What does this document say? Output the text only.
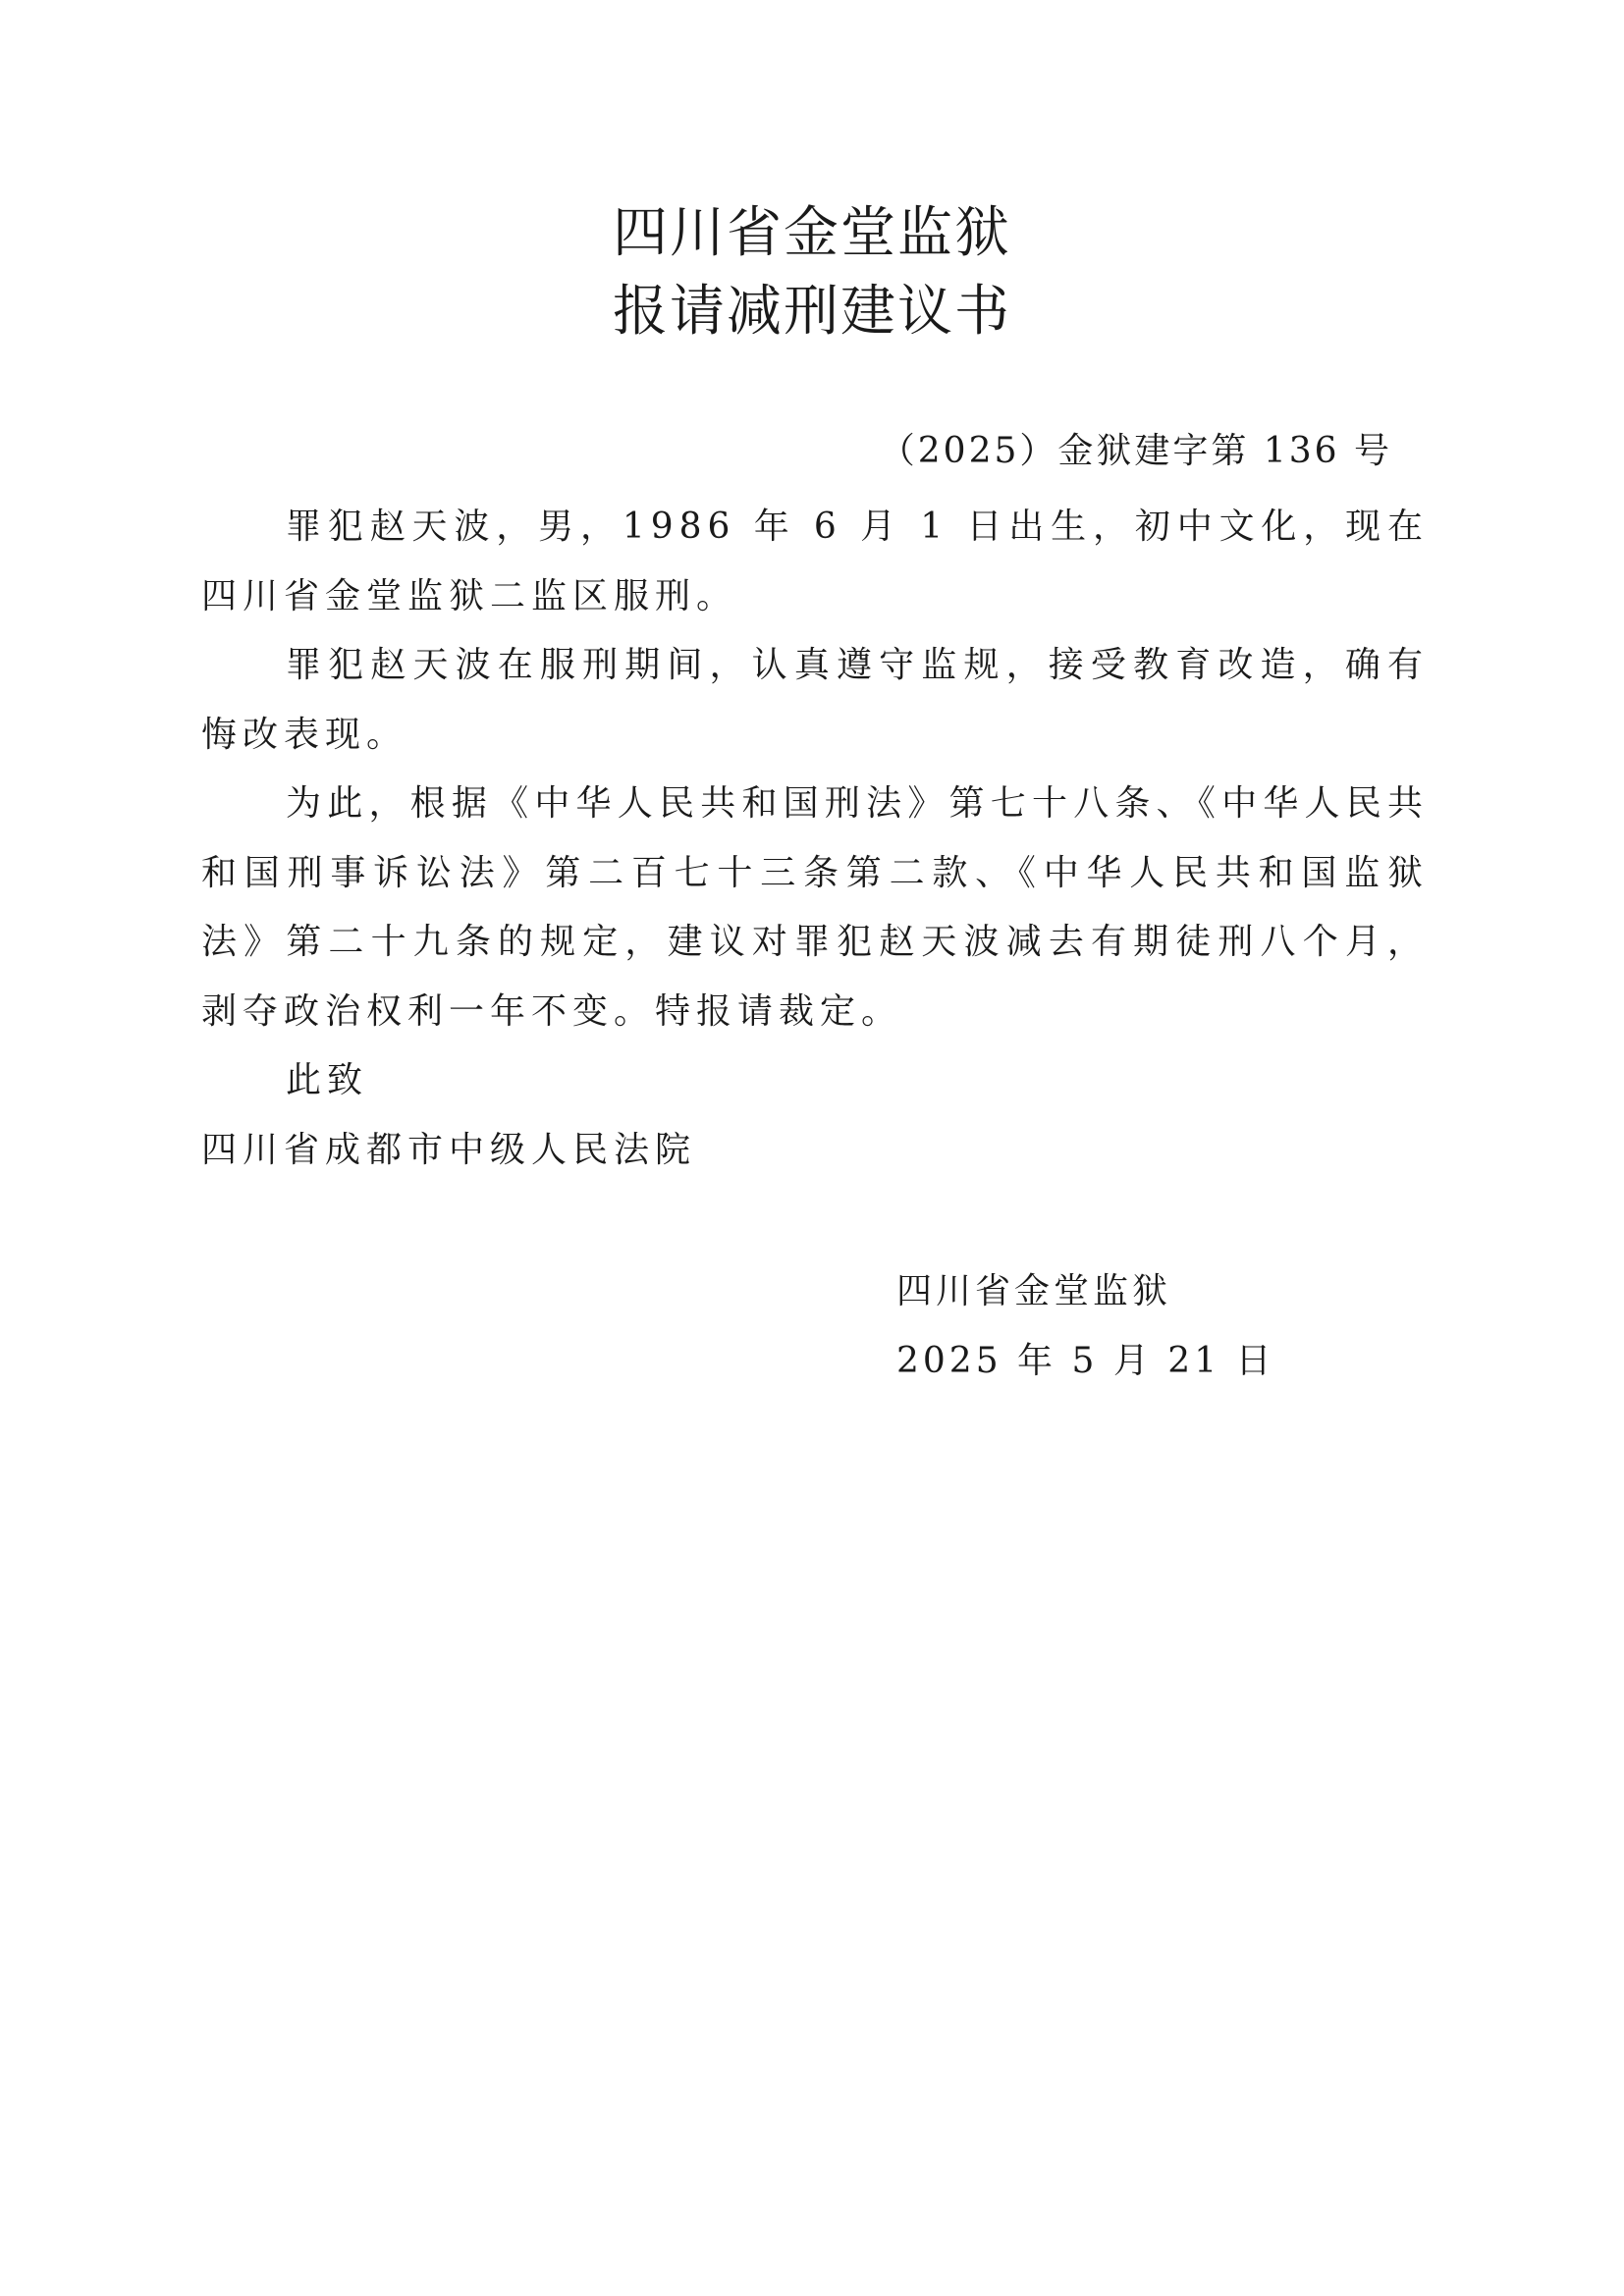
四川省金堂监狱
报请减刑建议书
（2025）金狱建字第 136 号

罪犯赵天波，男，1986 年 6 月 1 日出生，初中文化，现在四川省金堂监狱二监区服刑。

罪犯赵天波在服刑期间，认真遵守监规，接受教育改造，确有悔改表现。

为此，根据《中华人民共和国刑法》第七十八条、《中华人民共和国刑事诉讼法》第二百七十三条第二款、《中华人民共和国监狱法》第二十九条的规定，建议对罪犯赵天波减去有期徒刑八个月，剥夺政治权利一年不变。特报请裁定。

此致

四川省成都市中级人民法院

四川省金堂监狱
2025 年 5 月 21 日
